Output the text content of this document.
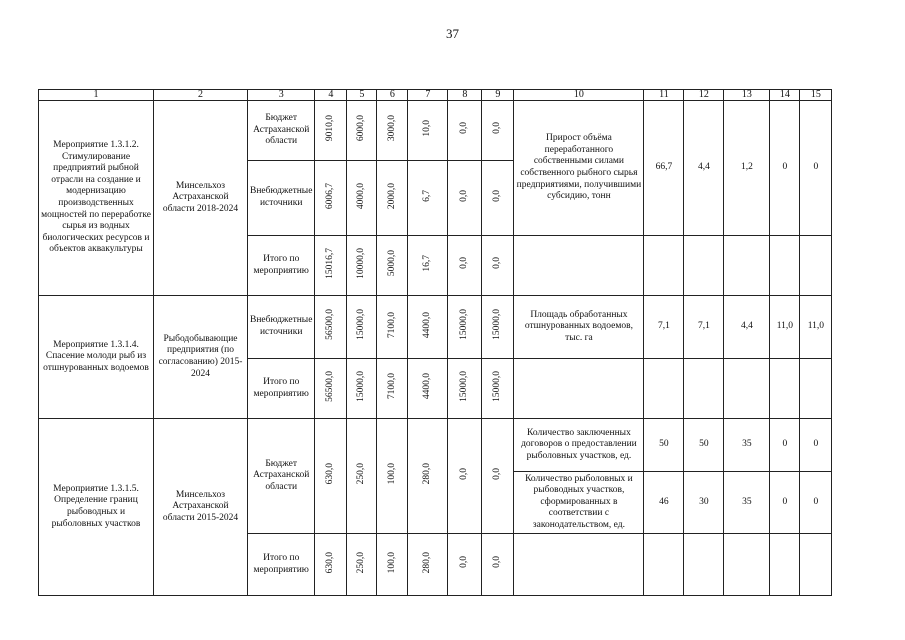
37
1	2	3	4	5	6	7	8	9	10	11	12	13	14	15
Мероприятие 1.3.1.2. Стимулирование предприятий рыбной отрасли на создание и модернизацию производственных мощностей по переработке сырья из водных биологических ресурсов и объектов аквакультуры	Минсельхоз Астраханской области 2018-2024	Бюджет Астраханской области	9010,0	6000,0	3000,0	10,0	0,0	0,0	Прирост объёма переработанного собственными силами собственного рыбного сырья предприятиями, получившими субсидию, тонн	66,7	4,4	1,2	0	0
		Внебюджетные источники	6006,7	4000,0	2000,0	6,7	0,0	0,0						
		Итого по мероприятию	15016,7	10000,0	5000,0	16,7	0,0	0,0						
Мероприятие 1.3.1.4. Спасение молоди рыб из отшнурованных водоемов	Рыбодобывающие предприятия (по согласованию) 2015-2024	Внебюджетные источники	56500,0	15000,0	7100,0	4400,0	15000,0	15000,0	Площадь обработанных отшнурованных водоемов, тыс. га	7,1	7,1	4,4	11,0	11,0
		Итого по мероприятию	56500,0	15000,0	7100,0	4400,0	15000,0	15000,0						
Мероприятие 1.3.1.5. Определение границ рыбоводных и рыболовных участков	Минсельхоз Астраханской области 2015-2024	Бюджет Астраханской области	630,0	250,0	100,0	280,0	0,0	0,0	Количество заключенных договоров о предоставлении рыболовных участков, ед.	50	50	35	0	0
									Количество рыболовных и рыбоводных участков, сформированных в соответствии с законодательством, ед.	46	30	35	0	0
		Итого по мероприятию	630,0	250,0	100,0	280,0	0,0	0,0						
